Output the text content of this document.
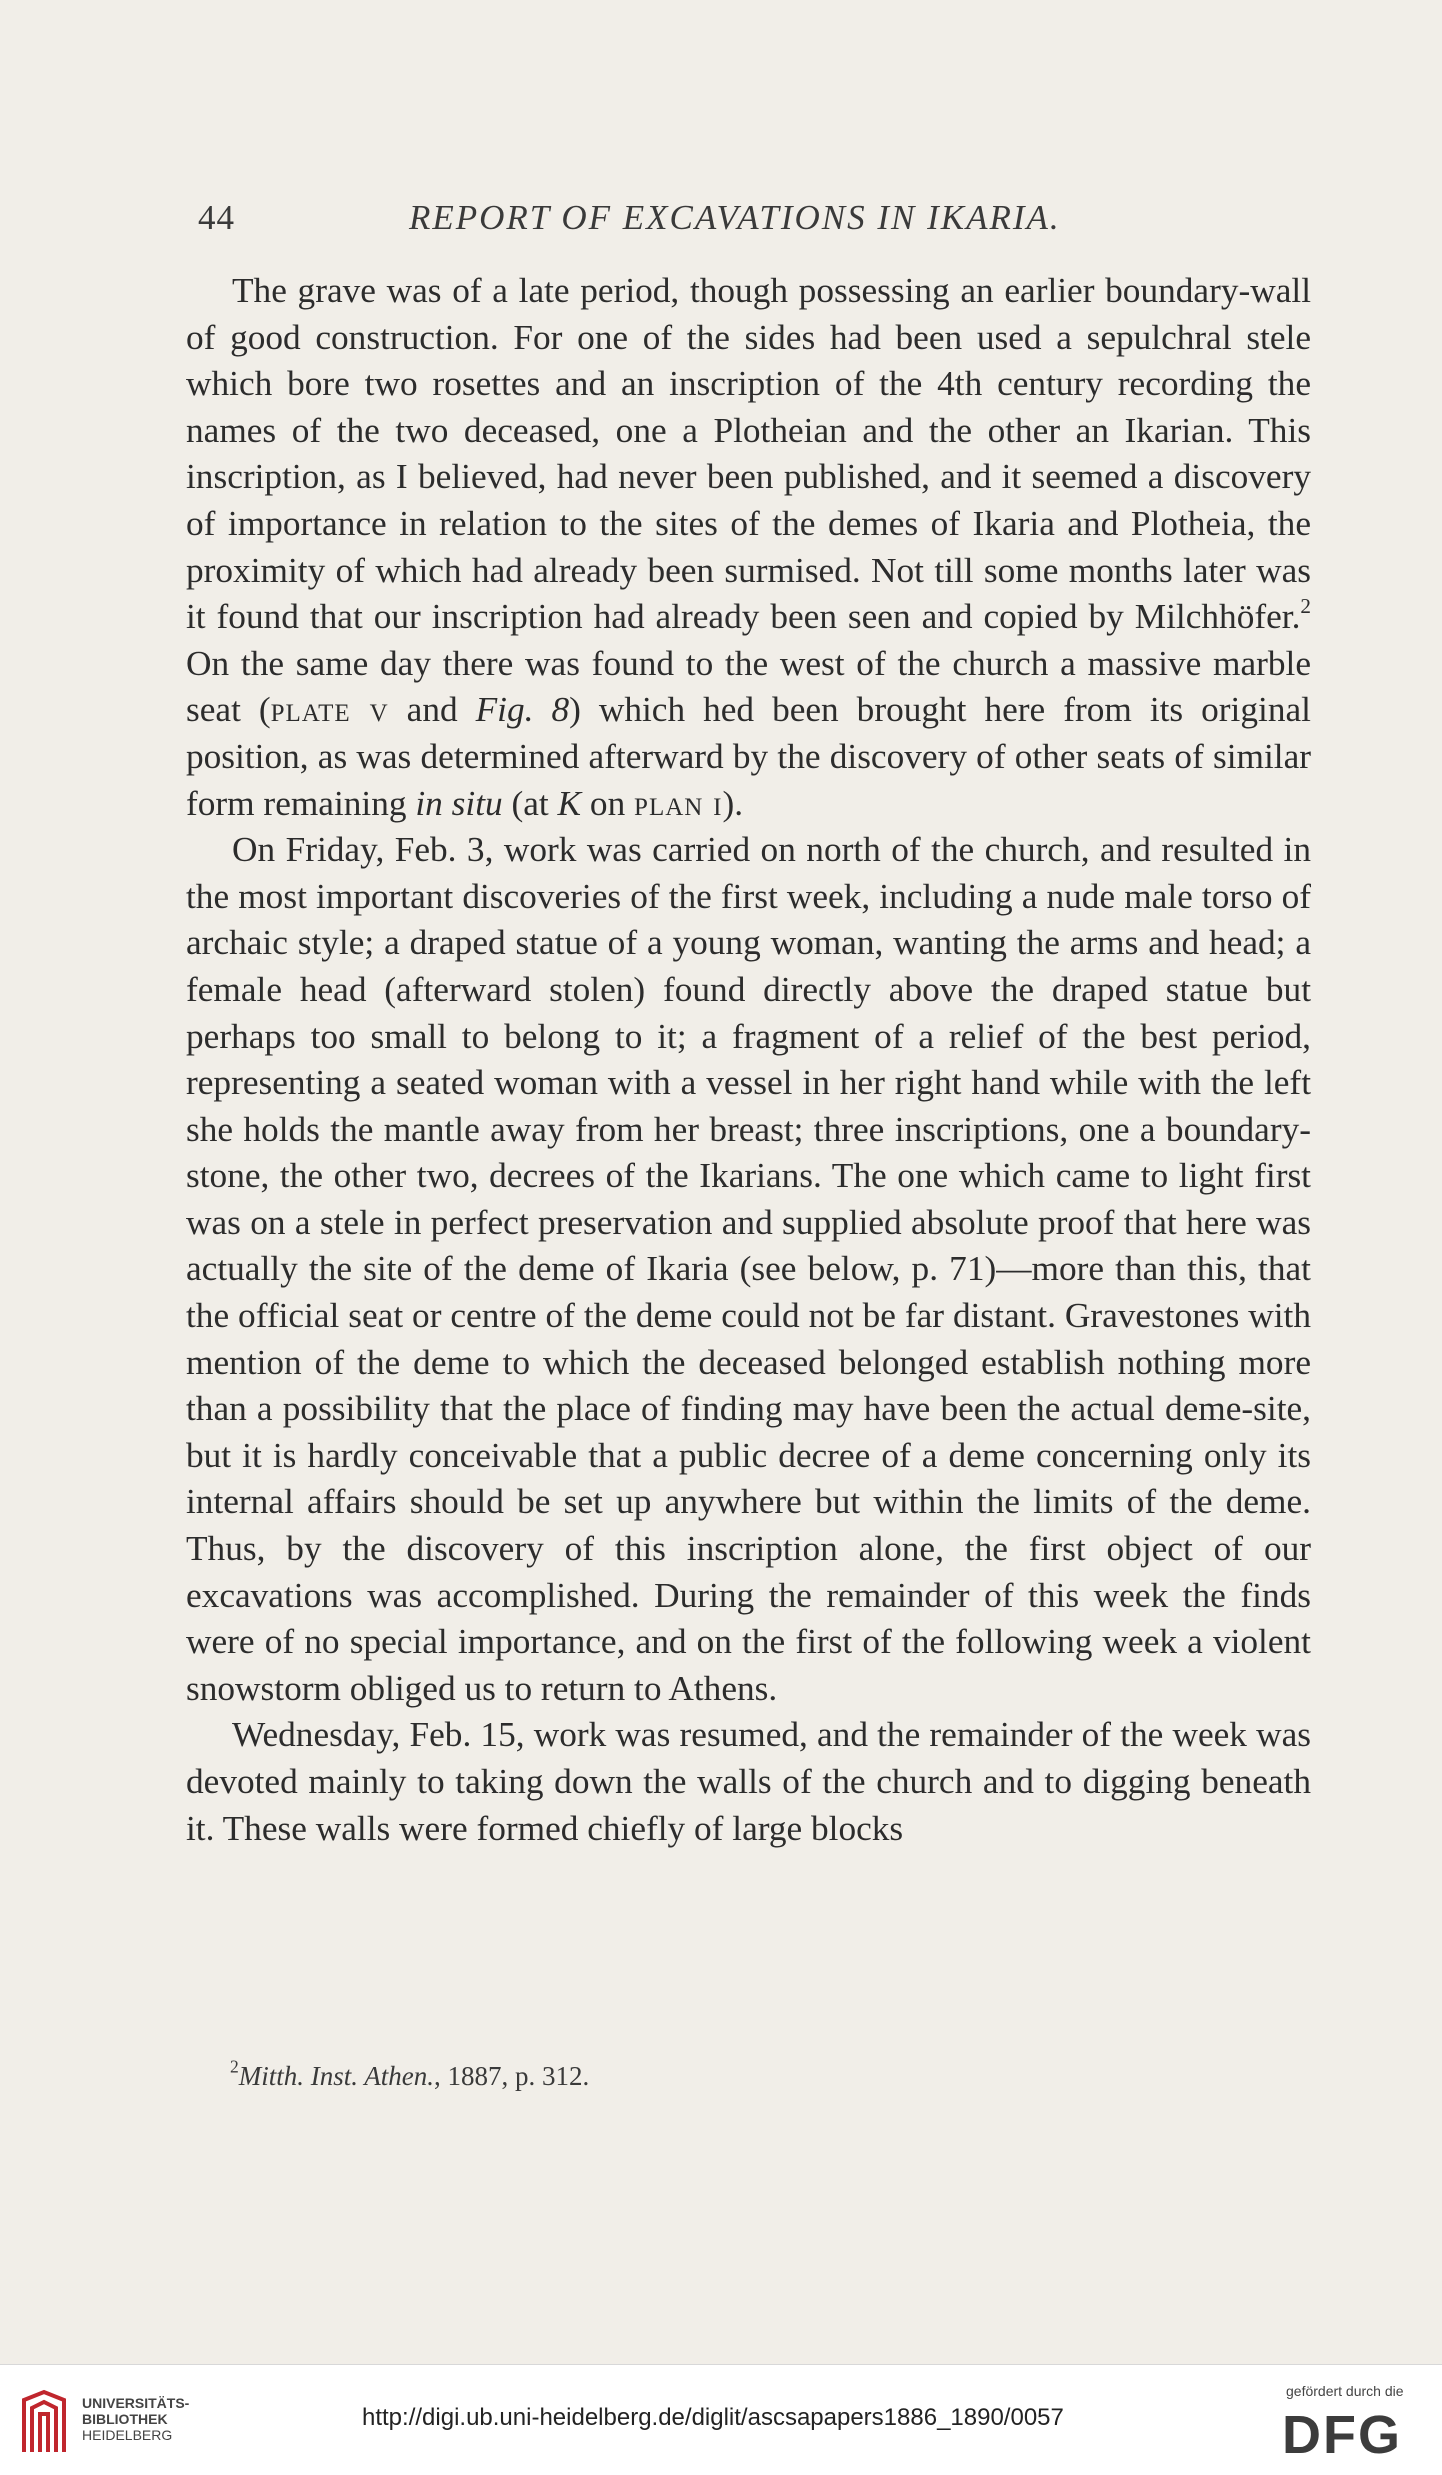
44	REPORT OF EXCAVATIONS IN IKARIA.

The grave was of a late period, though possessing an earlier boundary-wall of good construction. For one of the sides had been used a sepulchral stele which bore two rosettes and an inscription of the 4th century recording the names of the two deceased, one a Plotheian and the other an Ikarian. This inscription, as I believed, had never been published, and it seemed a discovery of importance in relation to the sites of the demes of Ikaria and Plotheia, the proximity of which had already been surmised. Not till some months later was it found that our inscription had already been seen and copied by Milchhöfer.$^2$ On the same day there was found to the west of the church a massive marble seat (plate v and Fig. 8) which hed been brought here from its original position, as was determined afterward by the discovery of other seats of similar form remaining in situ (at K on plan i).

On Friday, Feb. 3, work was carried on north of the church, and resulted in the most important discoveries of the first week, including a nude male torso of archaic style; a draped statue of a young woman, wanting the arms and head; a female head (afterward stolen) found directly above the draped statue but perhaps too small to belong to it; a fragment of a relief of the best period, representing a seated woman with a vessel in her right hand while with the left she holds the mantle away from her breast; three inscriptions, one a boundary-stone, the other two, decrees of the Ikarians. The one which came to light first was on a stele in perfect preservation and supplied absolute proof that here was actually the site of the deme of Ikaria (see below, p. 71)—more than this, that the official seat or centre of the deme could not be far distant. Gravestones with mention of the deme to which the deceased belonged establish nothing more than a possibility that the place of finding may have been the actual deme-site, but it is hardly conceivable that a public decree of a deme concerning only its internal affairs should be set up anywhere but within the limits of the deme. Thus, by the discovery of this inscription alone, the first object of our excavations was accomplished. During the remainder of this week the finds were of no special importance, and on the first of the following week a violent snowstorm obliged us to return to Athens.

Wednesday, Feb. 15, work was resumed, and the remainder of the week was devoted mainly to taking down the walls of the church and to digging beneath it. These walls were formed chiefly of large blocks

$^2$Mitth. Inst. Athen., 1887, p. 312.
UNIVERSITÄTS-
BIBLIOTHEK
HEIDELBERG
http://digi.ub.uni-heidelberg.de/diglit/ascsapapers1886_1890/0057
gefördert durch die
DFG
